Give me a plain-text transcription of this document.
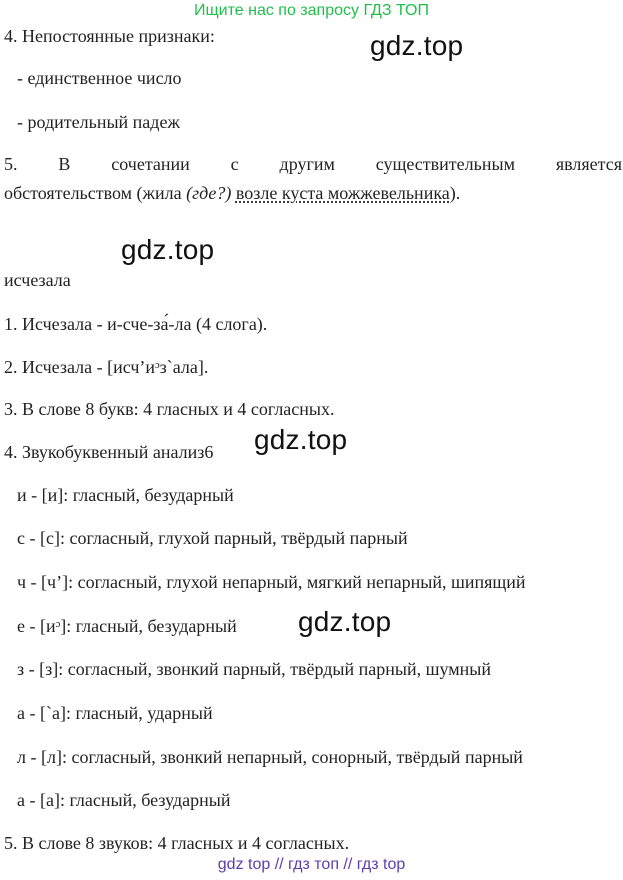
Ищите нас по запросу ГДЗ ТОП
gdz.top
gdz.top
gdz.top
gdz.top
4. Непостоянные признаки:
- единственное число
- родительный падеж
5. В сочетании с другим существительным является
обстоятельством (жила (где?) возле куста можжевельника).
исчезала
1. Исчезала - и-сче-за́-ла (4 слога).
2. Исчезала - [исч’иᵓз`ала].
3. В слове 8 букв: 4 гласных и 4 согласных.
4. Звукобуквенный анализ6
и - [и]: гласный, безударный
с - [с]: согласный, глухой парный, твёрдый парный
ч - [ч’]: согласный, глухой непарный, мягкий непарный, шипящий
е - [иᵓ]: гласный, безударный
з - [з]: согласный, звонкий парный, твёрдый парный, шумный
а - [`а]: гласный, ударный
л - [л]: согласный, звонкий непарный, сонорный, твёрдый парный
а - [а]: гласный, безударный
5. В слове 8 звуков: 4 гласных и 4 согласных.
gdz top // гдз топ // гдз top
